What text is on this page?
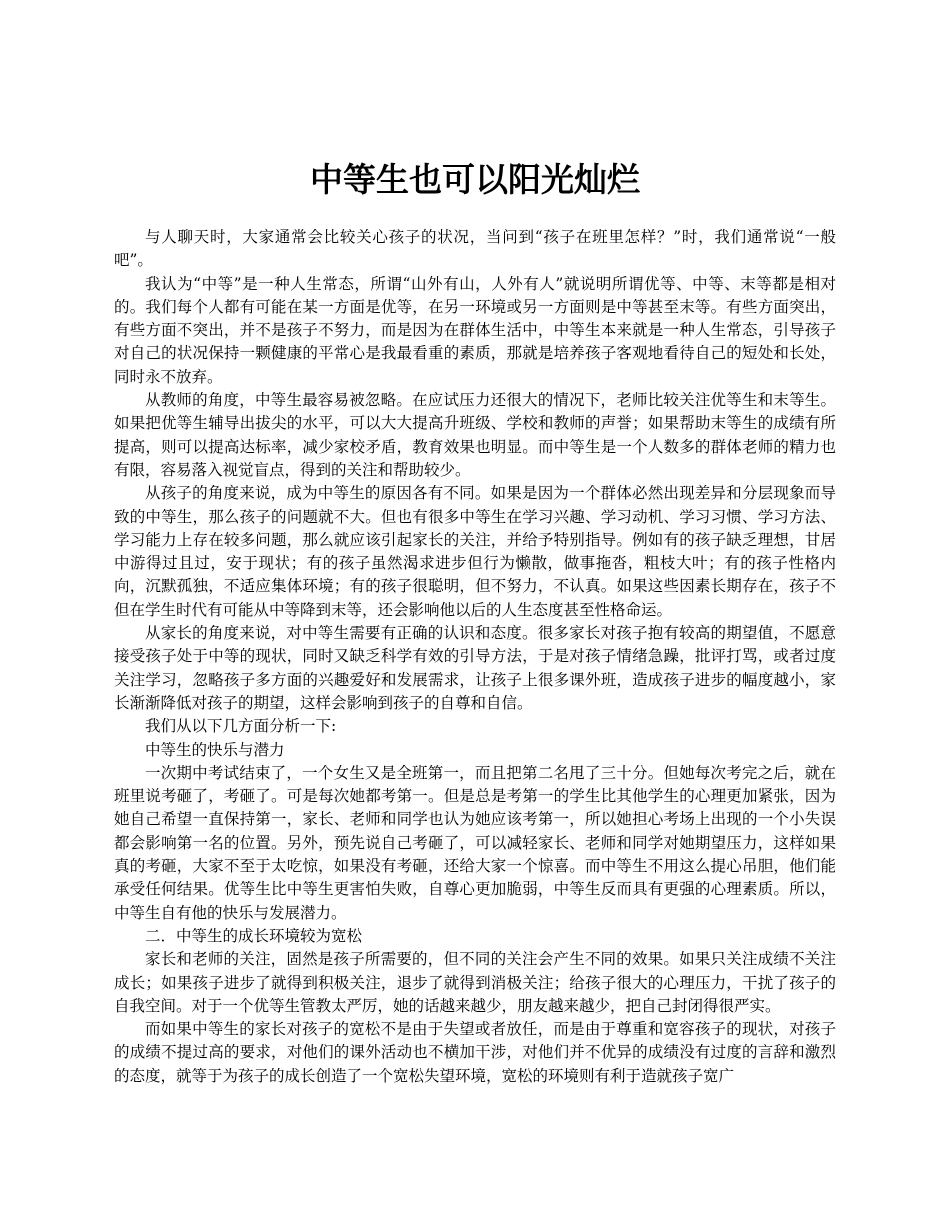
中等生也可以阳光灿烂

与人聊天时，大家通常会比较关心孩子的状况，当问到“孩子在班里怎样？”时，我们通常说“一般吧”。

我认为“中等”是一种人生常态，所谓“山外有山，人外有人”就说明所谓优等、中等、末等都是相对的。我们每个人都有可能在某一方面是优等，在另一环境或另一方面则是中等甚至末等。有些方面突出，有些方面不突出，并不是孩子不努力，而是因为在群体生活中，中等生本来就是一种人生常态，引导孩子对自己的状况保持一颗健康的平常心是我最看重的素质，那就是培养孩子客观地看待自己的短处和长处，同时永不放弃。

从教师的角度，中等生最容易被忽略。在应试压力还很大的情况下，老师比较关注优等生和末等生。如果把优等生辅导出拔尖的水平，可以大大提高升班级、学校和教师的声誉；如果帮助末等生的成绩有所提高，则可以提高达标率，减少家校矛盾，教育效果也明显。而中等生是一个人数多的群体老师的精力也有限，容易落入视觉盲点，得到的关注和帮助较少。

从孩子的角度来说，成为中等生的原因各有不同。如果是因为一个群体必然出现差异和分层现象而导致的中等生，那么孩子的问题就不大。但也有很多中等生在学习兴趣、学习动机、学习习惯、学习方法、学习能力上存在较多问题，那么就应该引起家长的关注，并给予特别指导。例如有的孩子缺乏理想，甘居中游得过且过，安于现状；有的孩子虽然渴求进步但行为懒散，做事拖沓，粗枝大叶；有的孩子性格内向，沉默孤独，不适应集体环境；有的孩子很聪明，但不努力，不认真。如果这些因素长期存在，孩子不但在学生时代有可能从中等降到末等，还会影响他以后的人生态度甚至性格命运。

从家长的角度来说，对中等生需要有正确的认识和态度。很多家长对孩子抱有较高的期望值，不愿意接受孩子处于中等的现状，同时又缺乏科学有效的引导方法，于是对孩子情绪急躁，批评打骂，或者过度关注学习，忽略孩子多方面的兴趣爱好和发展需求，让孩子上很多课外班，造成孩子进步的幅度越小，家长渐渐降低对孩子的期望，这样会影响到孩子的自尊和自信。

我们从以下几方面分析一下:

中等生的快乐与潜力

一次期中考试结束了，一个女生又是全班第一，而且把第二名甩了三十分。但她每次考完之后，就在班里说考砸了，考砸了。可是每次她都考第一。但是总是考第一的学生比其他学生的心理更加紧张，因为她自己希望一直保持第一，家长、老师和同学也认为她应该考第一，所以她担心考场上出现的一个小失误都会影响第一名的位置。另外，预先说自己考砸了，可以减轻家长、老师和同学对她期望压力，这样如果真的考砸，大家不至于太吃惊，如果没有考砸，还给大家一个惊喜。而中等生不用这么提心吊胆，他们能承受任何结果。优等生比中等生更害怕失败，自尊心更加脆弱，中等生反而具有更强的心理素质。所以，中等生自有他的快乐与发展潜力。

二．中等生的成长环境较为宽松

家长和老师的关注，固然是孩子所需要的，但不同的关注会产生不同的效果。如果只关注成绩不关注成长；如果孩子进步了就得到积极关注，退步了就得到消极关注；给孩子很大的心理压力，干扰了孩子的自我空间。对于一个优等生管教太严厉，她的话越来越少，朋友越来越少，把自己封闭得很严实。

而如果中等生的家长对孩子的宽松不是由于失望或者放任，而是由于尊重和宽容孩子的现状，对孩子的成绩不提过高的要求，对他们的课外活动也不横加干涉，对他们并不优异的成绩没有过度的言辞和激烈的态度，就等于为孩子的成长创造了一个宽松失望环境，宽松的环境则有利于造就孩子宽广
